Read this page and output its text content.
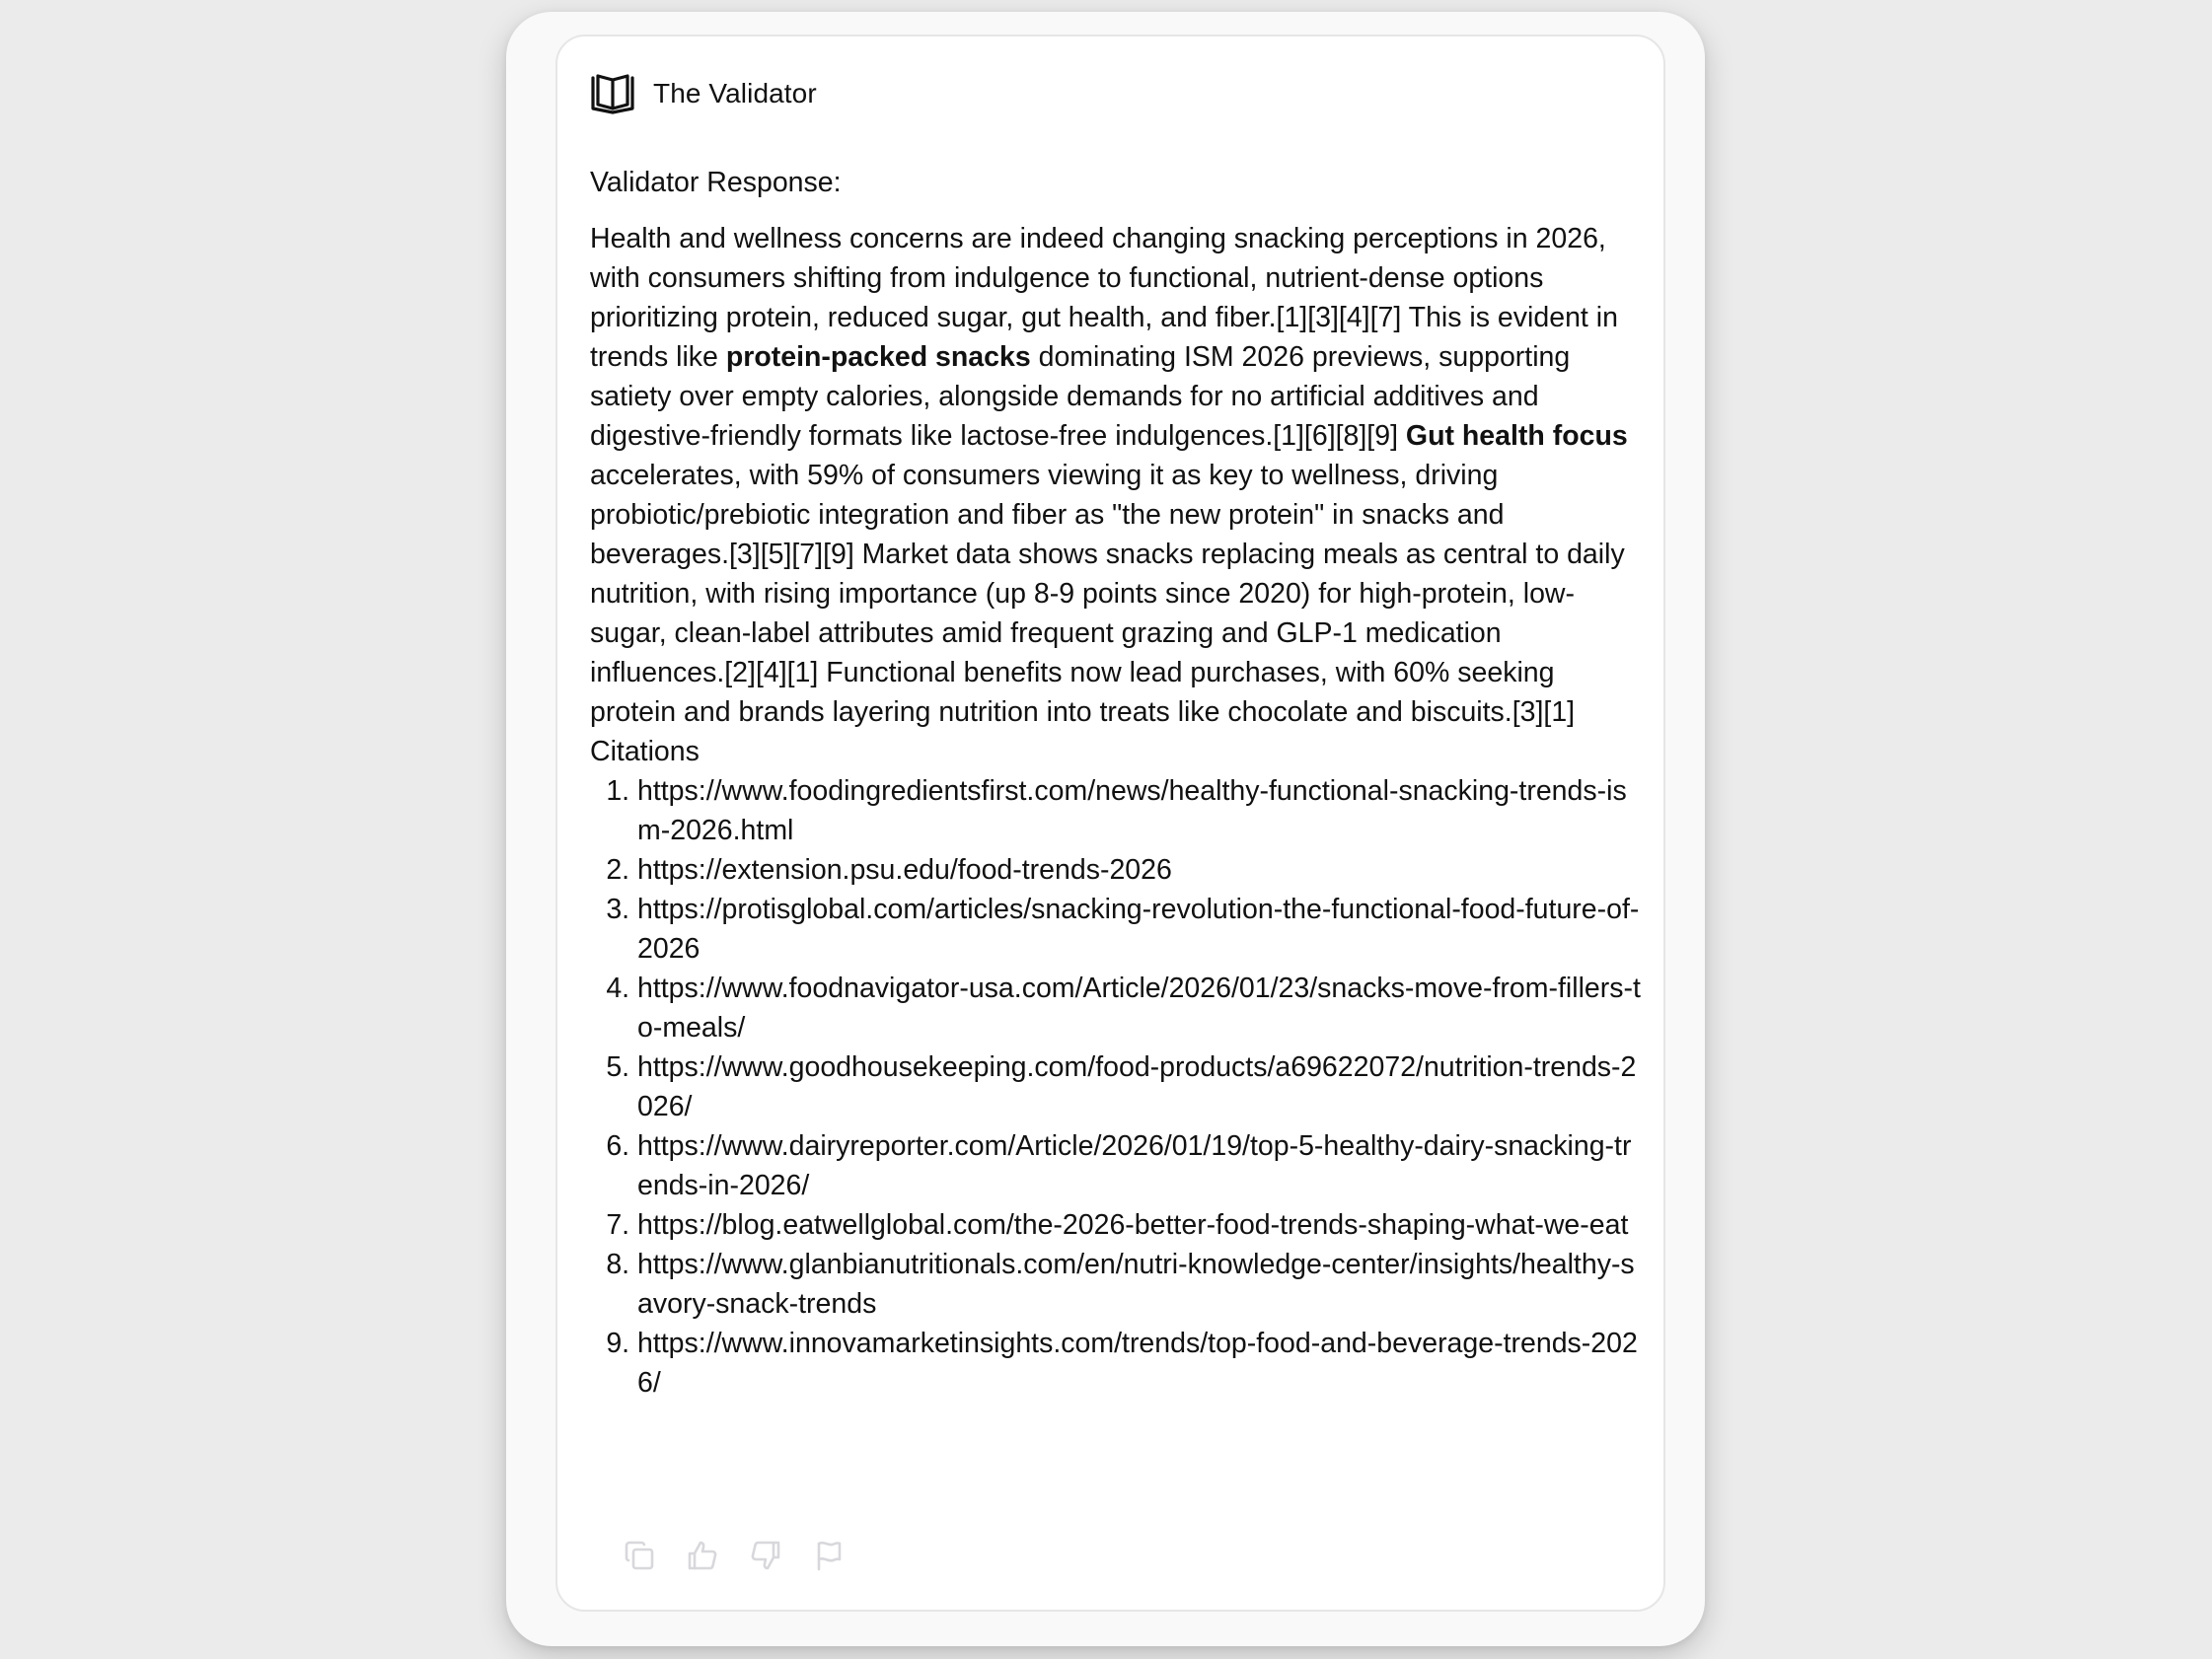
The Validator

Validator Response:

Health and wellness concerns are indeed changing snacking perceptions in 2026, with consumers shifting from indulgence to functional, nutrient-dense options prioritizing protein, reduced sugar, gut health, and fiber.[1][3][4][7] This is evident in trends like protein-packed snacks dominating ISM 2026 previews, supporting satiety over empty calories, alongside demands for no artificial additives and digestive-friendly formats like lactose-free indulgences.[1][6][8][9] Gut health focus accelerates, with 59% of consumers viewing it as key to wellness, driving probiotic/prebiotic integration and fiber as "the new protein" in snacks and beverages.[3][5][7][9] Market data shows snacks replacing meals as central to daily nutrition, with rising importance (up 8-9 points since 2020) for high-protein, low-sugar, clean-label attributes amid frequent grazing and GLP-1 medication influences.[2][4][1] Functional benefits now lead purchases, with 60% seeking protein and brands layering nutrition into treats like chocolate and biscuits.[3][1]

Citations

1. https://www.foodingredientsfirst.com/news/healthy-functional-snacking-trends-ism-2026.html
2. https://extension.psu.edu/food-trends-2026
3. https://protisglobal.com/articles/snacking-revolution-the-functional-food-future-of-2026
4. https://www.foodnavigator-usa.com/Article/2026/01/23/snacks-move-from-fillers-to-meals/
5. https://www.goodhousekeeping.com/food-products/a69622072/nutrition-trends-2026/
6. https://www.dairyreporter.com/Article/2026/01/19/top-5-healthy-dairy-snacking-trends-in-2026/
7. https://blog.eatwellglobal.com/the-2026-better-food-trends-shaping-what-we-eat
8. https://www.glanbianutritionals.com/en/nutri-knowledge-center/insights/healthy-savory-snack-trends
9. https://www.innovamarketinsights.com/trends/top-food-and-beverage-trends-2026/
